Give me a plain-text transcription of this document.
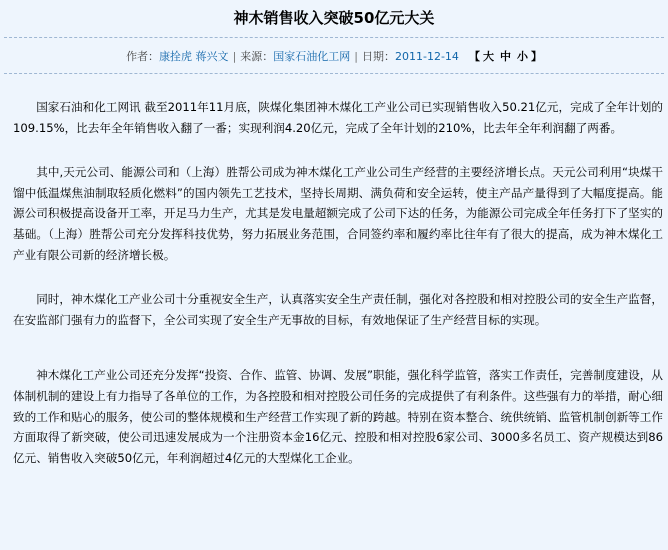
神木销售收入突破50亿元大关
作者：康拴虎 蒋兴文 | 来源：国家石油化工网 | 日期：2011-12-14 【 大 中 小 】

国家石油和化工网讯 截至2011年11月底，陕煤化集团神木煤化工产业公司已实现销售收入50.21亿元，完成了全年计划的109.15%，比去年全年销售收入翻了一番；实现利润4.20亿元，完成了全年计划的210%，比去年全年利润翻了两番。

其中,天元公司、能源公司和（上海）胜帮公司成为神木煤化工产业公司生产经营的主要经济增长点。天元公司利用“块煤干馏中低温煤焦油制取轻质化燃料”的国内领先工艺技术，坚持长周期、满负荷和安全运转，使主产品产量得到了大幅度提高。能源公司积极提高设备开工率，开足马力生产，尤其是发电量超额完成了公司下达的任务，为能源公司完成全年任务打下了坚实的基础。（上海）胜帮公司充分发挥科技优势，努力拓展业务范围，合同签约率和履约率比往年有了很大的提高，成为神木煤化工产业有限公司新的经济增长极。

同时，神木煤化工产业公司十分重视安全生产，认真落实安全生产责任制，强化对各控股和相对控股公司的安全生产监督，在安监部门强有力的监督下，全公司实现了安全生产无事故的目标，有效地保证了生产经营目标的实现。

神木煤化工产业公司还充分发挥“投资、合作、监管、协调、发展”职能，强化科学监管，落实工作责任，完善制度建设，从体制机制的建设上有力指导了各单位的工作，为各控股和相对控股公司任务的完成提供了有利条件。这些强有力的举措，耐心细致的工作和贴心的服务，使公司的整体规模和生产经营工作实现了新的跨越。特别在资本整合、统供统销、监管机制创新等工作方面取得了新突破，使公司迅速发展成为一个注册资本金16亿元、控股和相对控股6家公司、3000多名员工、资产规模达到86亿元、销售收入突破50亿元，年利润超过4亿元的大型煤化工企业。
